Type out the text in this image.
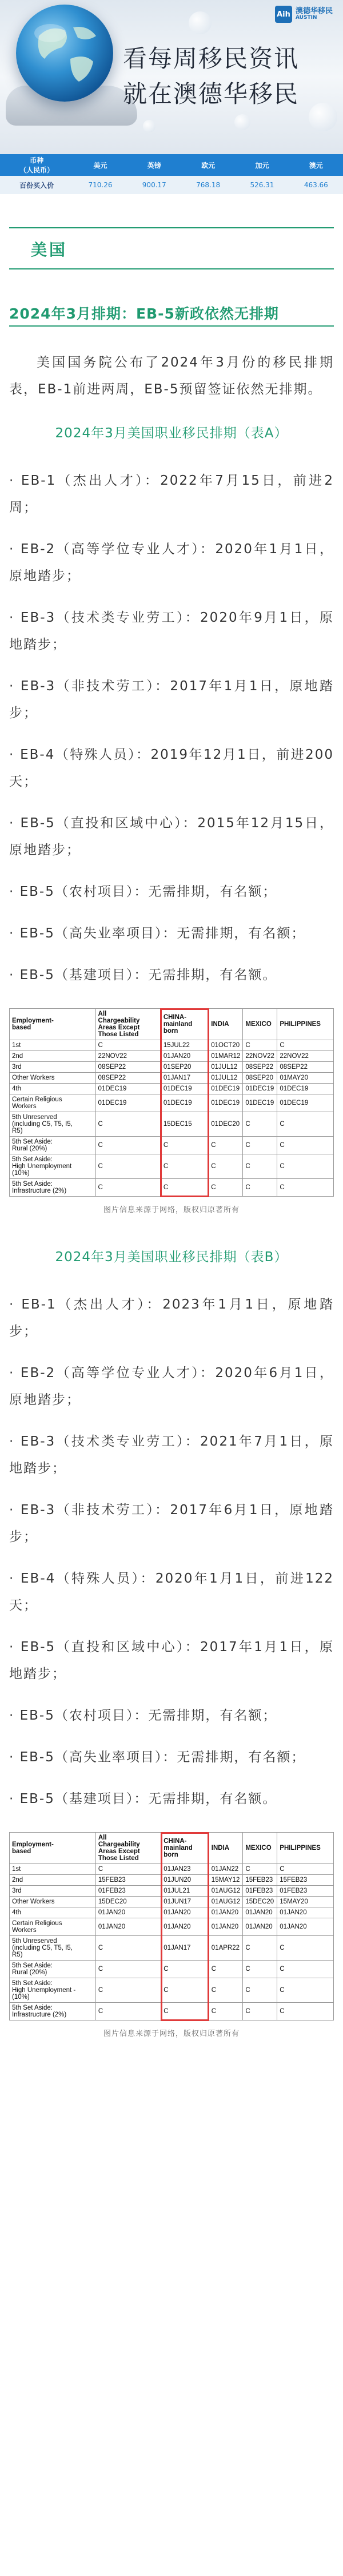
Aih 澳德华移民
AUSTIN
看每周移民资讯
就在澳德华移民
币种
（人民币）	美元	英镑	欧元	加元	澳元
百份买入价	710.26	900.17	768.18	526.31	463.66
美国
2024年3月排期：EB-5新政依然无排期

美国国务院公布了2024年3月份的移民排期表，EB-1前进两周，EB-5预留签证依然无排期。

2024年3月美国职业移民排期（表A）
· EB-1（杰出人才）：2022年7月15日，前进2周；
· EB-2（高等学位专业人才）：2020年1月1日，原地踏步；
· EB-3（技术类专业劳工）：2020年9月1日，原地踏步；
· EB-3（非技术劳工）：2017年1月1日，原地踏步；
· EB-4（特殊人员）：2019年12月1日，前进200天；
· EB-5（直投和区域中心）：2015年12月15日，原地踏步；
· EB-5（农村项目）：无需排期，有名额；
· EB-5（高失业率项目）：无需排期，有名额；
· EB-5（基建项目）：无需排期，有名额。
Employment-
based	All
Chargeability
Areas Except
Those Listed	CHINA-
mainland
born	INDIA	MEXICO	PHILIPPINES
1st	C	15JUL22	01OCT20	C	C
2nd	22NOV22	01JAN20	01MAR12	22NOV22	22NOV22
3rd	08SEP22	01SEP20	01JUL12	08SEP22	08SEP22
Other Workers	08SEP22	01JAN17	01JUL12	08SEP20	01MAY20
4th	01DEC19	01DEC19	01DEC19	01DEC19	01DEC19
Certain Religious
Workers	01DEC19	01DEC19	01DEC19	01DEC19	01DEC19
5th Unreserved
(including C5, T5, I5,
R5)	C	15DEC15	01DEC20	C	C
5th Set Aside:
Rural (20%)	C	C	C	C	C
5th Set Aside:
High Unemployment
(10%)	C	C	C	C	C
5th Set Aside:
Infrastructure (2%)	C	C	C	C	C
图片信息来源于网络，版权归原著所有
2024年3月美国职业移民排期（表B）
· EB-1（杰出人才）：2023年1月1日，原地踏步；
· EB-2（高等学位专业人才）：2020年6月1日，原地踏步；
· EB-3（技术类专业劳工）：2021年7月1日，原地踏步；
· EB-3（非技术劳工）：2017年6月1日，原地踏步；
· EB-4（特殊人员）：2020年1月1日，前进122天；
· EB-5（直投和区域中心）：2017年1月1日，原地踏步；
· EB-5（农村项目）：无需排期，有名额；
· EB-5（高失业率项目）：无需排期，有名额；
· EB-5（基建项目）：无需排期，有名额。
Employment-
based	All
Chargeability
Areas Except
Those Listed	CHINA-
mainland
born	INDIA	MEXICO	PHILIPPINES
1st	C	01JAN23	01JAN22	C	C
2nd	15FEB23	01JUN20	15MAY12	15FEB23	15FEB23
3rd	01FEB23	01JUL21	01AUG12	01FEB23	01FEB23
Other Workers	15DEC20	01JUN17	01AUG12	15DEC20	15MAY20
4th	01JAN20	01JAN20	01JAN20	01JAN20	01JAN20
Certain Religious
Workers	01JAN20	01JAN20	01JAN20	01JAN20	01JAN20
5th Unreserved
(including C5, T5, I5,
R5)	C	01JAN17	01APR22	C	C
5th Set Aside:
Rural (20%)	C	C	C	C	C
5th Set Aside:
High Unemployment -
(10%)	C	C	C	C	C
5th Set Aside:
Infrastructure (2%)	C	C	C	C	C
图片信息来源于网络，版权归原著所有
